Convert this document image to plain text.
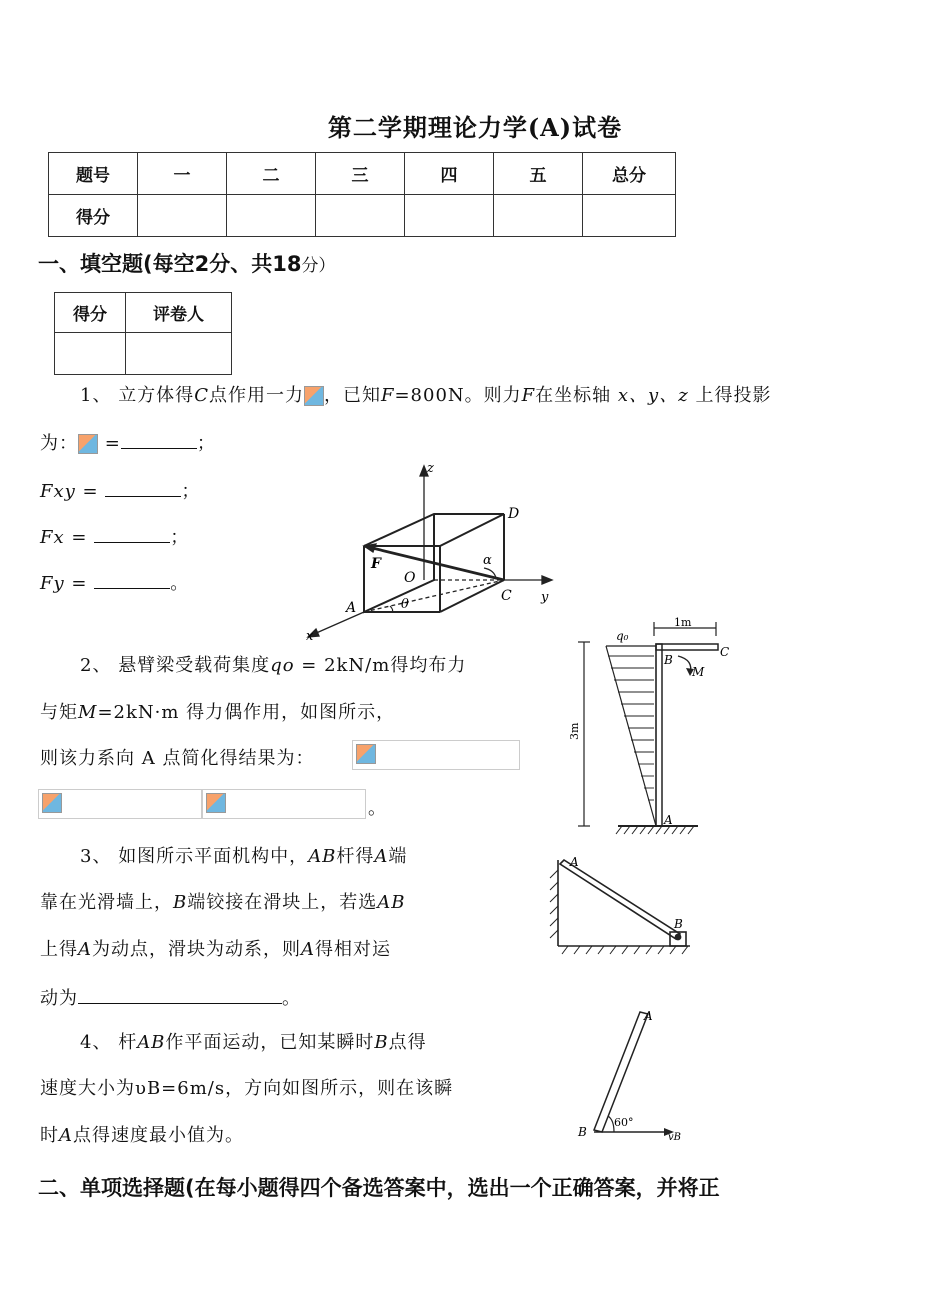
第二学期理论力学(A)试卷
题号	一	二	三	四	五	总分
得分						
一、填空题(每空2分、共18分）
得分	评卷人

1、 立方体得C点作用一力 ，已知F=800N。则力F在坐标轴 x、y、z 上得投影
为： =	；
Fxy =	；
Fx =	；
Fy =	。
z
D
α
F
O
C y
A	θ
x
2、 悬臂梁受载荷集度qo = 2kN/m得均布力
与矩M=2kN·m 得力偶作用，如图所示，
则该力系向 A 点简化得结果为：
。
1m
q₀
B
C
M
3m
A
3、 如图所示平面机构中，AB杆得A端
靠在光滑墙上，B端铰接在滑块上，若选AB
上得A为动点，滑块为动系，则A得相对运
动为	。
A
B
4、 杆AB作平面运动，已知某瞬时B点得
速度大小为υB=6m/s，方向如图所示，则在该瞬
时A点得速度最小值为。
A
B
60°
vB
二、单项选择题(在每小题得四个备选答案中，选出一个正确答案，并将正
